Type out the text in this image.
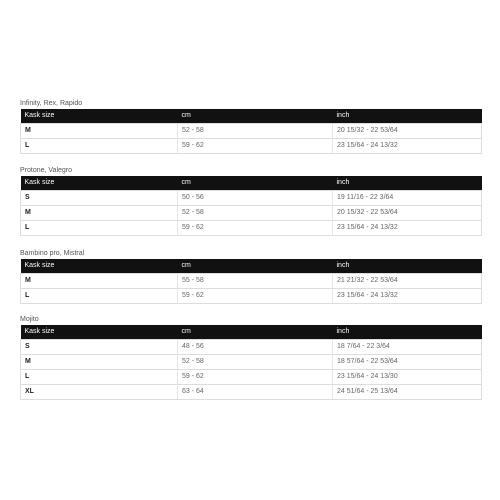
Infinity, Rex, Rapido
Kask size	cm	inch
M	52 - 58	20 15/32 - 22 53/64
L	59 - 62	23 15/64 - 24 13/32
Protone, Valegro
Kask size	cm	inch
S	50 - 56	19 11/16 - 22 3/64
M	52 - 58	20 15/32 - 22 53/64
L	59 - 62	23 15/64 - 24 13/32
Bambino pro, Mistral
Kask size	cm	inch
M	55 - 58	21 21/32 - 22 53/64
L	59 - 62	23 15/64 - 24 13/32
Mojito
Kask size	cm	inch
S	48 - 56	18 7/64 - 22 3/64
M	52 - 58	18 57/64 - 22 53/64
L	59 - 62	23 15/64 - 24 13/30
XL	63 - 64	24 51/64 - 25 13/64
